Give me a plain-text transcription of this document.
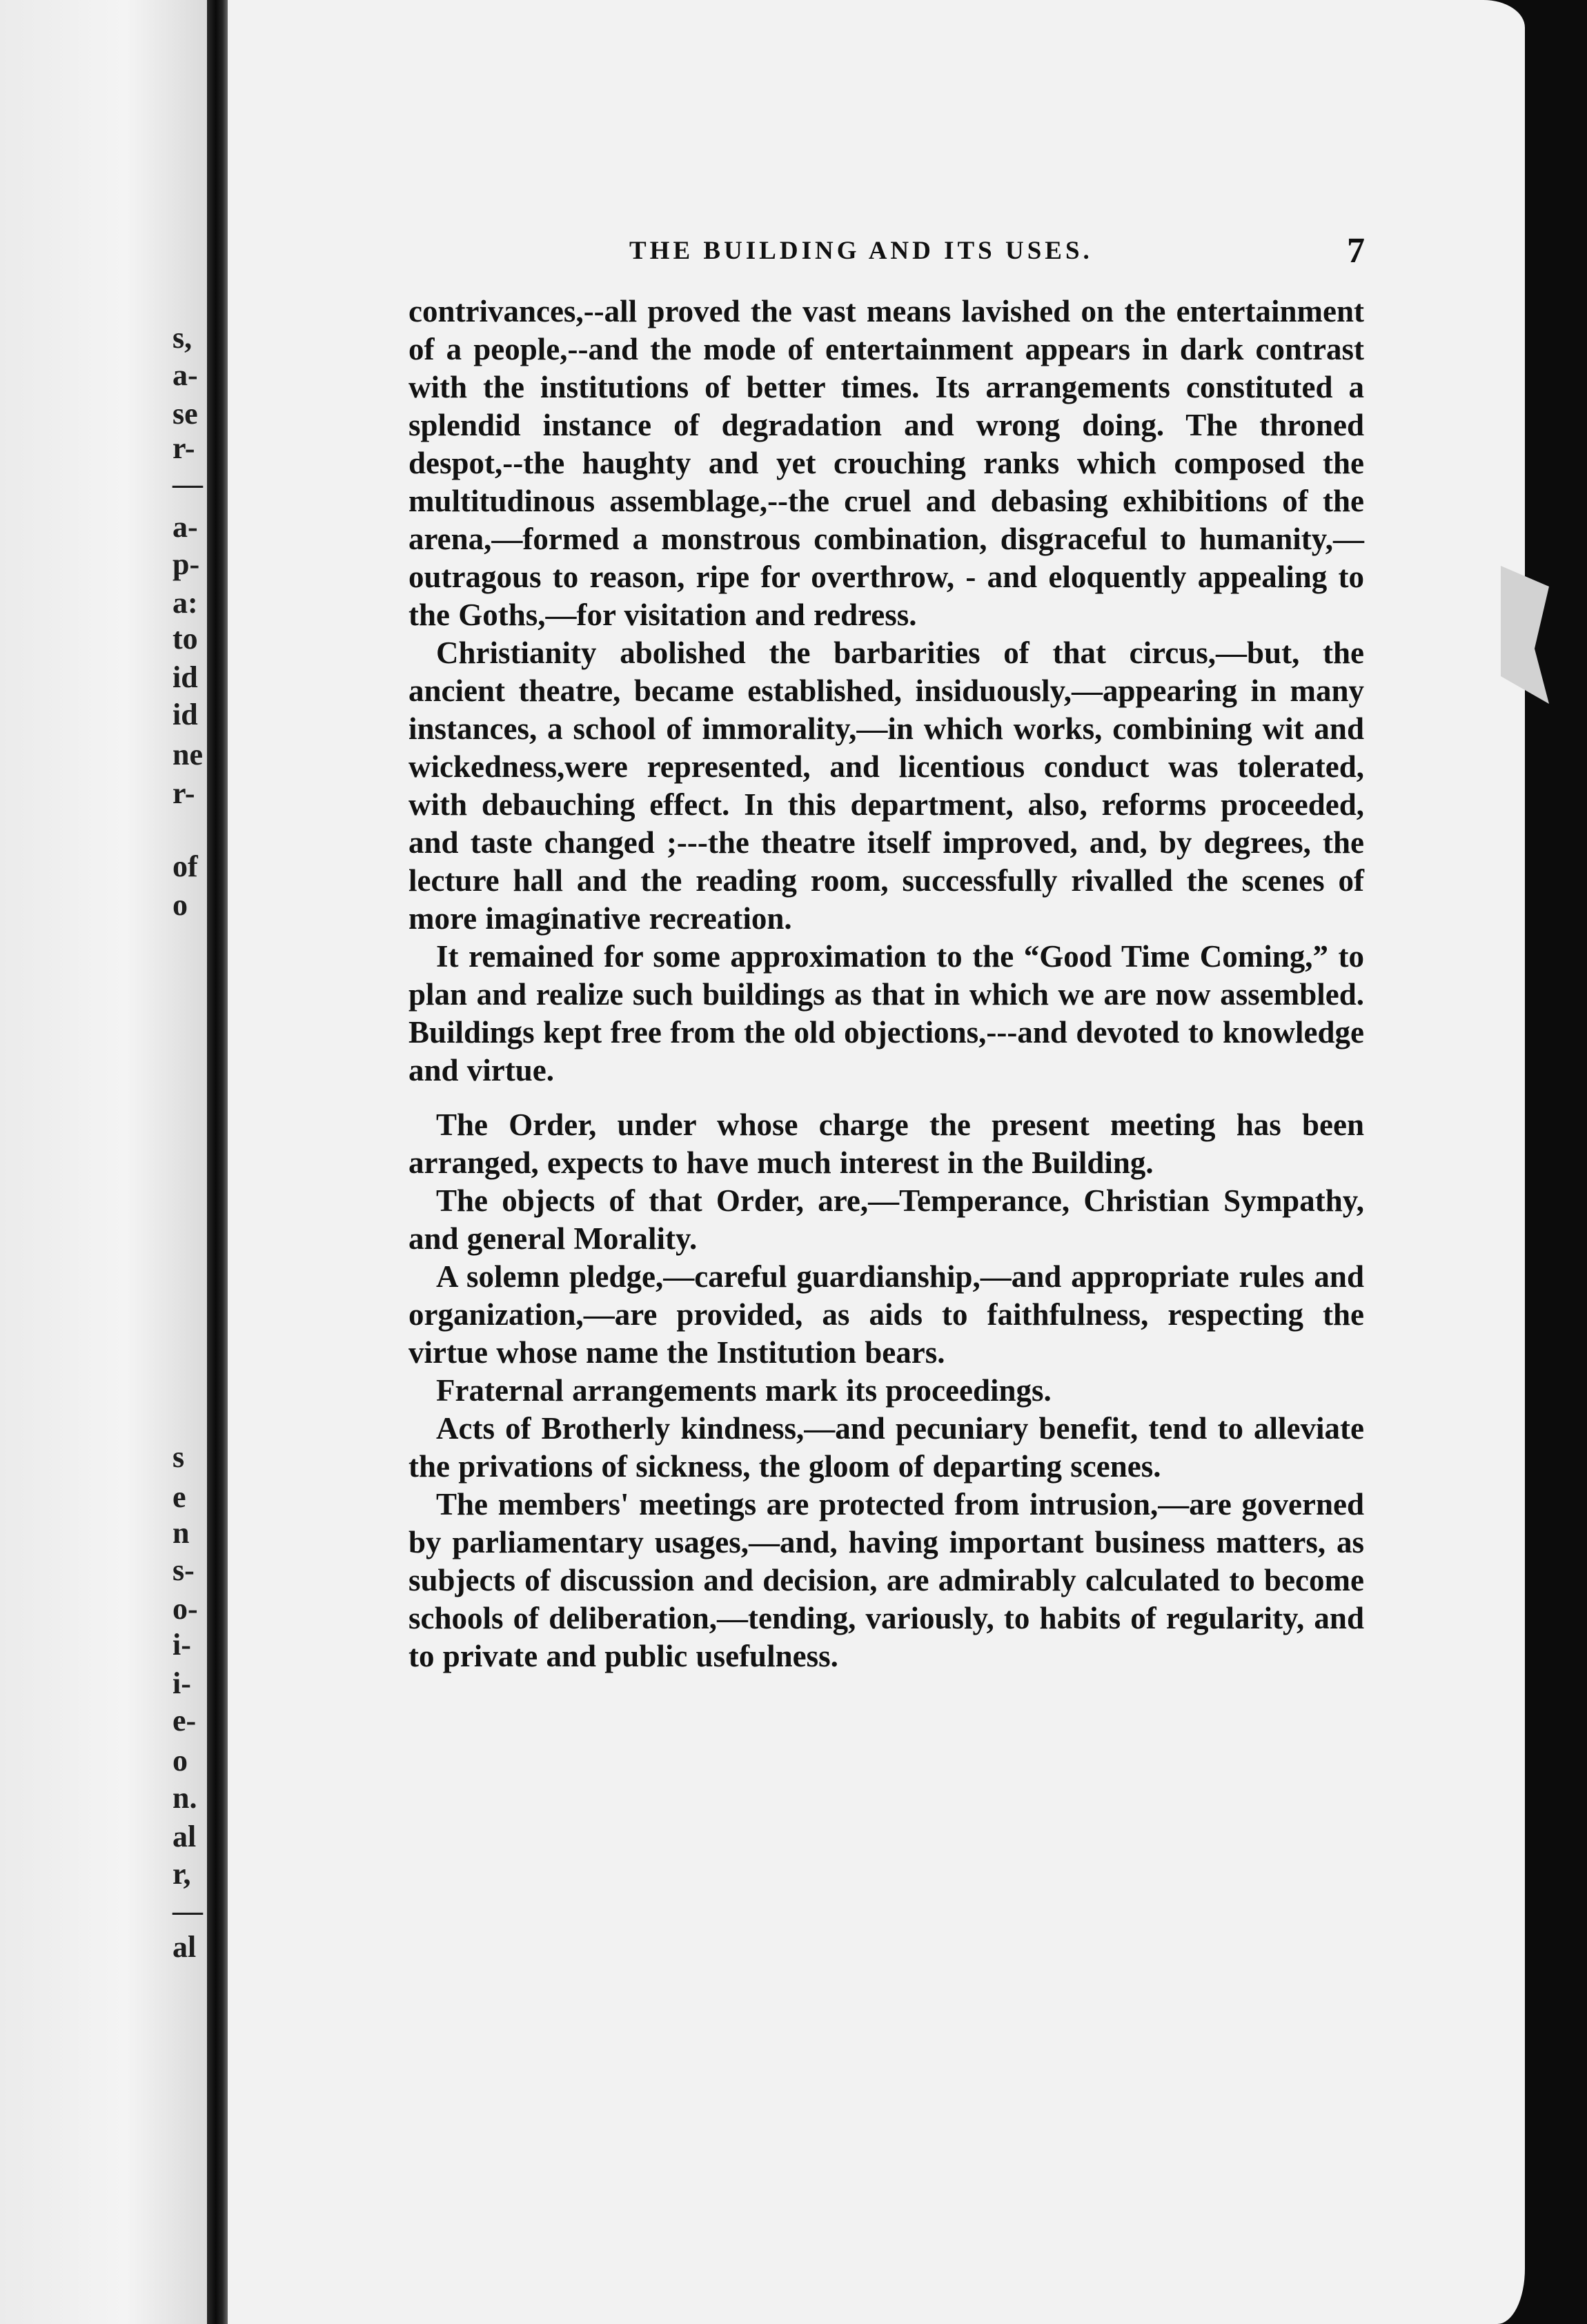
s,
a-
se
r-
—
a-
p-
a:
to
id
id
ne
r-
of
o
s
e
n
s-
o-
i-
i-
e-
o
n.
al
r,
—
al
THE BUILDING AND ITS USES.	7

contrivances,--all proved the vast means lavished on the entertainment of a people,--and the mode of entertainment appears in dark contrast with the institutions of better times. Its arrangements constituted a splendid instance of degradation and wrong doing. The throned despot,--the haughty and yet crouching ranks which composed the multitudinous assemblage,--the cruel and debasing exhibitions of the arena,—formed a monstrous combination, disgraceful to humanity,—outragous to reason, ripe for overthrow, - and eloquently appealing to the Goths,—for visitation and redress.

Christianity abolished the barbarities of that circus,—but, the ancient theatre, became established, insiduously,—appearing in many instances, a school of immorality,—in which works, combining wit and wickedness,were represented, and licentious conduct was tolerated, with debauching effect. In this department, also, reforms proceeded, and taste changed ;---the theatre itself improved, and, by degrees, the lecture hall and the reading room, successfully rivalled the scenes of more imaginative recreation.

It remained for some approximation to the “Good Time Coming,” to plan and realize such buildings as that in which we are now assembled. Buildings kept free from the old objections,---and devoted to knowledge and virtue.

The Order, under whose charge the present meeting has been arranged, expects to have much interest in the Building.

The objects of that Order, are,—Temperance, Christian Sympathy, and general Morality.

A solemn pledge,—careful guardianship,—and appropriate rules and organization,—are provided, as aids to faithfulness, respecting the virtue whose name the Institution bears.

Fraternal arrangements mark its proceedings.

Acts of Brotherly kindness,—and pecuniary benefit, tend to alleviate the privations of sickness, the gloom of departing scenes.

The members' meetings are protected from intrusion,—are governed by parliamentary usages,—and, having important business matters, as subjects of discussion and decision, are admirably calculated to become schools of deliberation,—tending, variously, to habits of regularity, and to private and public usefulness.
